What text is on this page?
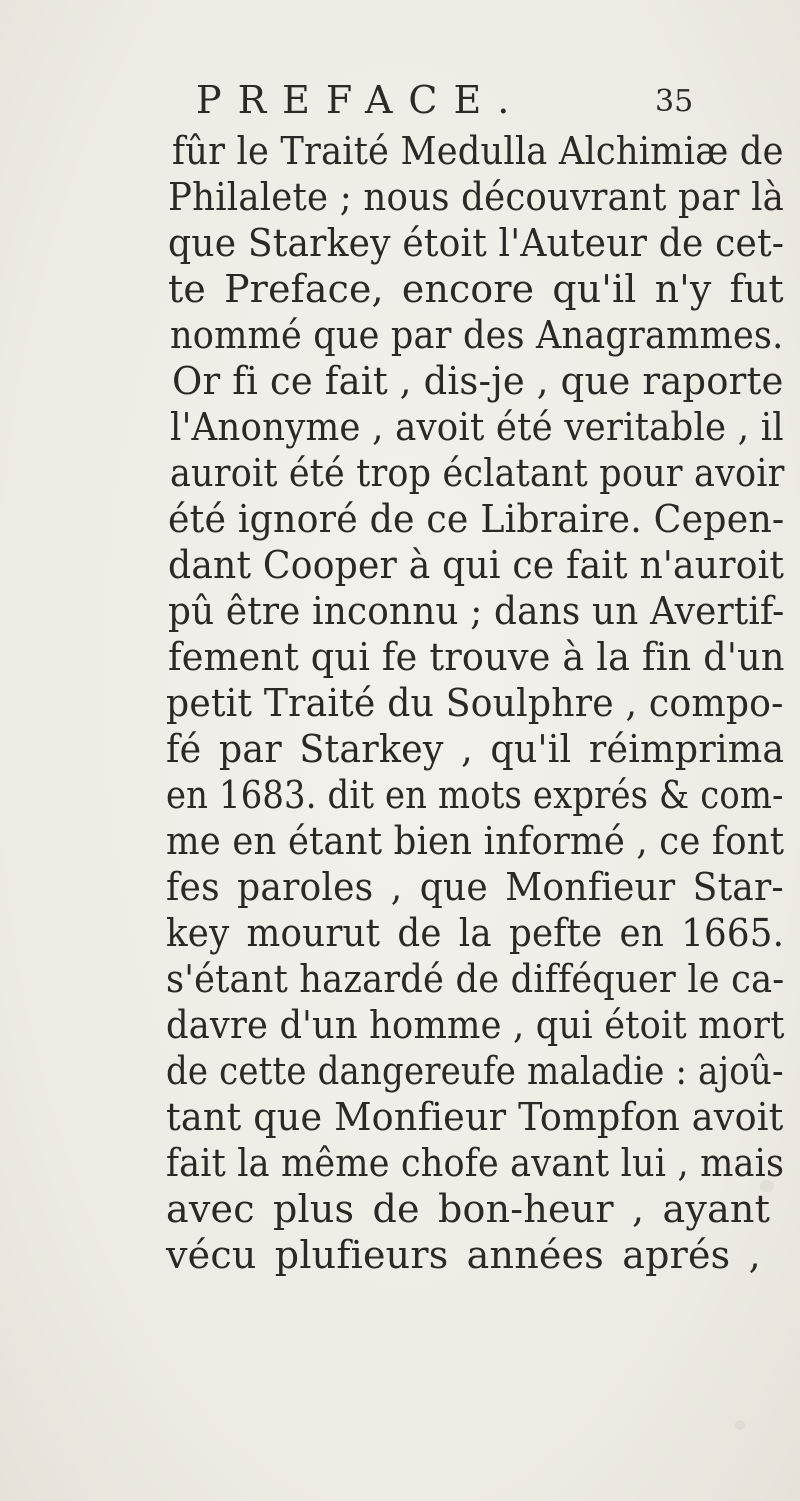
PREFACE.	35
fûr le Traité Medulla Alchimiæ de
Philalete ; nous découvrant par là
que Starkey étoit l'Auteur de cet-
te Preface, encore qu'il n'y fut
nommé que par des Anagrammes.
Or fi ce fait , dis-je , que raporte
l'Anonyme , avoit été veritable , il
auroit été trop éclatant pour avoir
été ignoré de ce Libraire. Cepen-
dant Cooper à qui ce fait n'auroit
pû être inconnu ; dans un Avertif-
fement qui fe trouve à la fin d'un
petit Traité du Soulphre , compo-
fé par Starkey , qu'il réimprima
en 1683. dit en mots exprés & com-
me en étant bien informé , ce font
fes paroles , que Monfieur Star-
key mourut de la pefte en 1665.
s'étant hazardé de difféquer le ca-
davre d'un homme , qui étoit mort
de cette dangereufe maladie : ajoû-
tant que Monfieur Tompfon avoit
fait la même chofe avant lui , mais
avec plus de bon-heur , ayant
vécu plufieurs années aprés ,
